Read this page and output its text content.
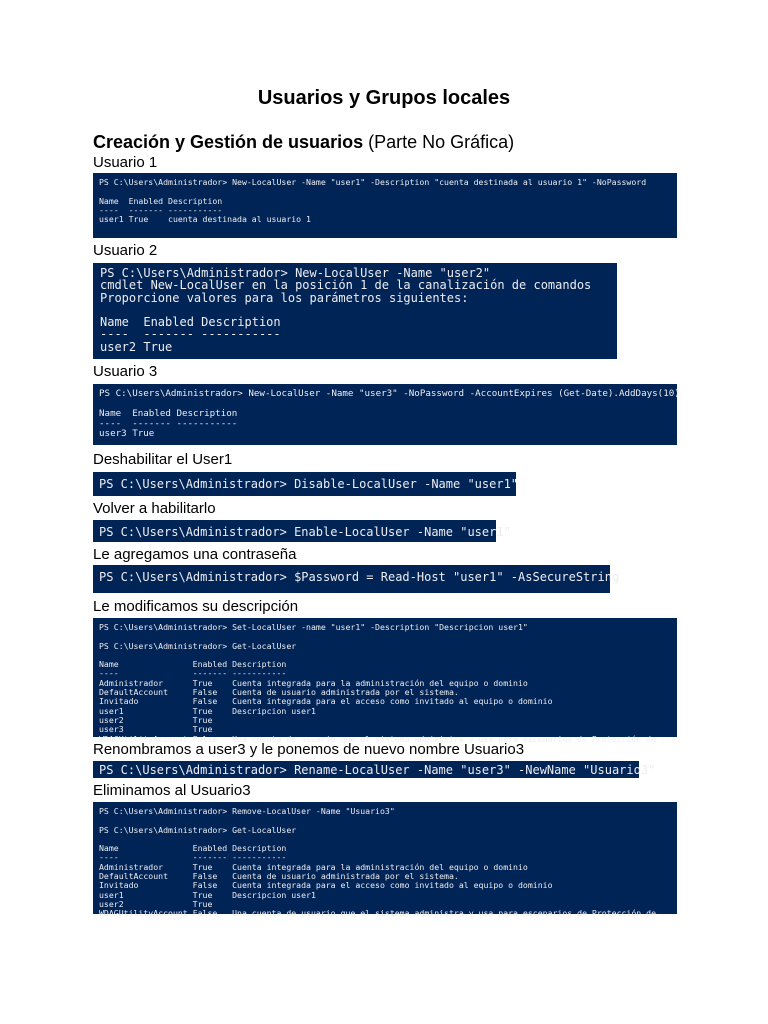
Usuarios y Grupos locales
Creación y Gestión de usuarios (Parte No Gráfica)
Usuario 1
PS C:\Users\Administrador> New-LocalUser -Name "user1" -Description "cuenta destinada al usuario 1" -NoPassword

Name  Enabled Description
----  ------- -----------
user1 True    cuenta destinada al usuario 1
Usuario 2
PS C:\Users\Administrador> New-LocalUser -Name "user2"
cmdlet New-LocalUser en la posición 1 de la canalización de comandos
Proporcione valores para los parámetros siguientes:

Name  Enabled Description
----  ------- -----------
user2 True
Usuario 3
PS C:\Users\Administrador> New-LocalUser -Name "user3" -NoPassword -AccountExpires (Get-Date).AddDays(10)

Name  Enabled Description
----  ------- -----------
user3 True
Deshabilitar el User1
PS C:\Users\Administrador> Disable-LocalUser -Name "user1"
Volver a habilitarlo
PS C:\Users\Administrador> Enable-LocalUser -Name "user1"
Le agregamos una contraseña
PS C:\Users\Administrador> $Password = Read-Host "user1" -AsSecureString
Le modificamos su descripción
PS C:\Users\Administrador> Set-LocalUser -name "user1" -Description "Descripcion user1"

PS C:\Users\Administrador> Get-LocalUser

Name               Enabled Description
----               ------- -----------
Administrador      True    Cuenta integrada para la administración del equipo o dominio
DefaultAccount     False   Cuenta de usuario administrada por el sistema.
Invitado           False   Cuenta integrada para el acceso como invitado al equipo o dominio
user1              True    Descripcion user1
user2              True
user3              True
WDAGUtilityAccount False   Una cuenta de usuario que el sistema administra y usa para escenarios de Protección de ...
Renombramos a user3 y le ponemos de nuevo nombre Usuario3
PS C:\Users\Administrador> Rename-LocalUser -Name "user3" -NewName "Usuario3"
Eliminamos al Usuario3
PS C:\Users\Administrador> Remove-LocalUser -Name "Usuario3"

PS C:\Users\Administrador> Get-LocalUser

Name               Enabled Description
----               ------- -----------
Administrador      True    Cuenta integrada para la administración del equipo o dominio
DefaultAccount     False   Cuenta de usuario administrada por el sistema.
Invitado           False   Cuenta integrada para el acceso como invitado al equipo o dominio
user1              True    Descripcion user1
user2              True
WDAGUtilityAccount False   Una cuenta de usuario que el sistema administra y usa para escenarios de Protección de ...
